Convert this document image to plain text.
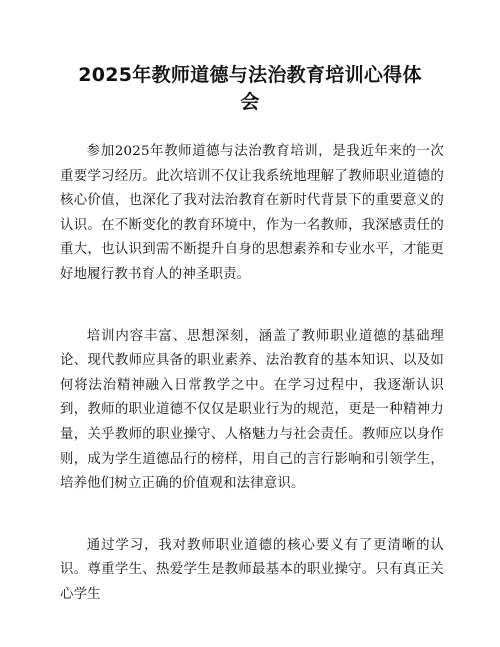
2025年教师道德与法治教育培训心得体会

参加2025年教师道德与法治教育培训，是我近年来的一次重要学习经历。此次培训不仅让我系统地理解了教师职业道德的核心价值，也深化了我对法治教育在新时代背景下的重要意义的认识。在不断变化的教育环境中，作为一名教师，我深感责任的重大，也认识到需不断提升自身的思想素养和专业水平，才能更好地履行教书育人的神圣职责。

培训内容丰富、思想深刻，涵盖了教师职业道德的基础理论、现代教师应具备的职业素养、法治教育的基本知识、以及如何将法治精神融入日常教学之中。在学习过程中，我逐渐认识到，教师的职业道德不仅仅是职业行为的规范，更是一种精神力量，关乎教师的职业操守、人格魅力与社会责任。教师应以身作则，成为学生道德品行的榜样，用自己的言行影响和引领学生，培养他们树立正确的价值观和法律意识。

通过学习，我对教师职业道德的核心要义有了更清晰的认识。尊重学生、热爱学生是教师最基本的职业操守。只有真正关心学生
